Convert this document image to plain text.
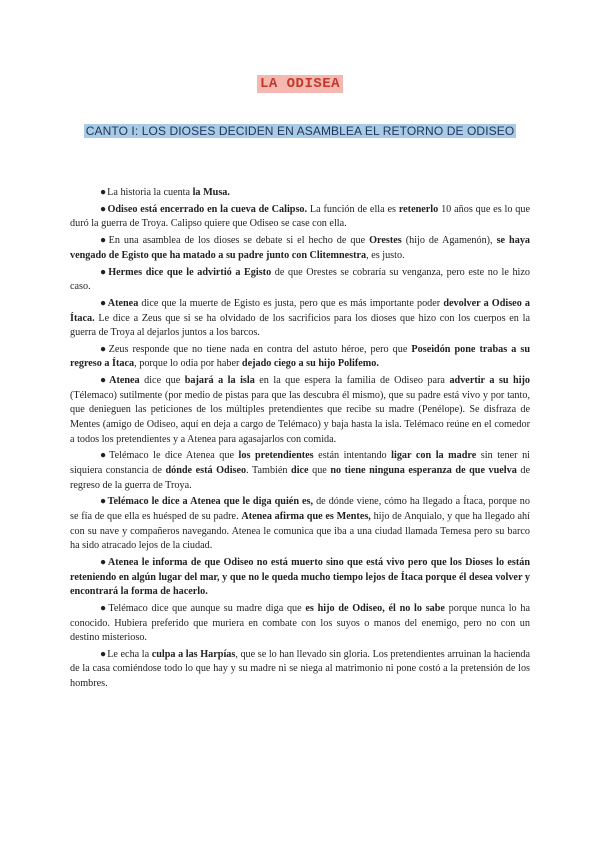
LA ODISEA
CANTO I: LOS DIOSES DECIDEN EN ASAMBLEA EL RETORNO DE ODISEO

●La historia la cuenta la Musa.

●Odiseo está encerrado en la cueva de Calipso. La función de ella es retenerlo 10 años que es lo que duró la guerra de Troya. Calipso quiere que Odiseo se case con ella.

●En una asamblea de los dioses se debate si el hecho de que Orestes (hijo de Agamenón), se haya vengado de Egisto que ha matado a su padre junto con Clitemnestra, es justo.

●Hermes dice que le advirtió a Egisto de que Orestes se cobraría su venganza, pero este no le hizo caso.

●Atenea dice que la muerte de Egisto es justa, pero que es más importante poder devolver a Odiseo a Ítaca. Le dice a Zeus que si se ha olvidado de los sacrificios para los dioses que hizo con los cuerpos en la guerra de Troya al dejarlos juntos a los barcos.

●Zeus responde que no tiene nada en contra del astuto héroe, pero que Poseidón pone trabas a su regreso a Ítaca, porque lo odia por haber dejado ciego a su hijo Polifemo.

●Atenea dice que bajará a la isla en la que espera la familia de Odiseo para advertir a su hijo (Télemaco) sutilmente (por medio de pistas para que las descubra él mismo), que su padre está vivo y por tanto, que denieguen las peticiones de los múltiples pretendientes que recibe su madre (Penélope). Se disfraza de Mentes (amigo de Odiseo, aquí en deja a cargo de Telémaco) y baja hasta la isla. Telémaco reúne en el comedor a todos los pretendientes y a Atenea para agasajarlos con comida.

●Telémaco le dice Atenea que los pretendientes están intentando ligar con la madre sin tener ni siquiera constancia de dónde está Odiseo. También dice que no tiene ninguna esperanza de que vuelva de regreso de la guerra de Troya.

●Telémaco le dice a Atenea que le diga quién es, de dónde viene, cómo ha llegado a Ítaca, porque no se fía de que ella es huésped de su padre. Atenea afirma que es Mentes, hijo de Anquialo, y que ha llegado ahí con su nave y compañeros navegando. Atenea le comunica que iba a una ciudad llamada Temesa pero su barco ha sido atracado lejos de la ciudad.

●Atenea le informa de que Odiseo no está muerto sino que está vivo pero que los Dioses lo están reteniendo en algún lugar del mar, y que no le queda mucho tiempo lejos de Ítaca porque él desea volver y encontrará la forma de hacerlo.

●Telémaco dice que aunque su madre diga que es hijo de Odiseo, él no lo sabe porque nunca lo ha conocido. Hubiera preferido que muriera en combate con los suyos o manos del enemigo, pero no con un destino misterioso.

●Le echa la culpa a las Harpías, que se lo han llevado sin gloria. Los pretendientes arruinan la hacienda de la casa comiéndose todo lo que hay y su madre ni se niega al matrimonio ni pone costó a la pretensión de los hombres.
